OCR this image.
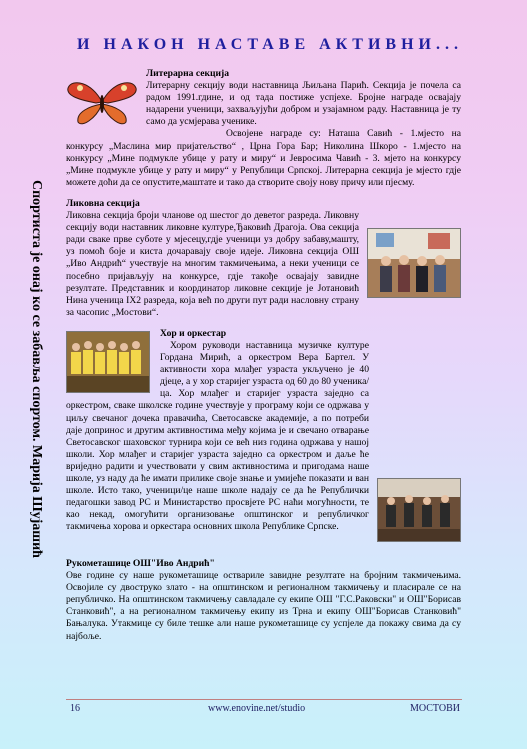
И НАКОН НАСТАВЕ АКТИВНИ...
Спортиста је онај ко се забавља спортом. Марија Шујашић

Литерарна секција

Литерарну секцију води наставница Љиљана Парић. Секција је почела са радом 1991.гдине, и од тада постиже успјехе. Бројне награде освајају надарени ученици, захваљујући добром и узајамном раду. Наставница је ту само да усмјерава ученике.

Освојене награде су: Наташа Савић - 1.мјесто на конкурсу „Маслина мир пријатељство“ , Црна Гора Бар; Николина Шкоро - 1.мјесто на конкурсу „Мине подмукле убице у рату и миру“ и Јевросима Чавић - 3. мјето на конкурсу „Мине подмукле убице у рату и миру“ у Републици Српској. Литерарна секција је мјесто гдје можете доћи да се опустите,маштате и тако да створите своју нову причу или пјесму.

Ликовна секција

Ликовна секција броји чланове од шестог до деветог разреда. Ликовну секцију води наставник ликовне културе,Ђаковић Драгоја. Ова секција ради сваке прве суботе у мјесецу,гдје ученици уз добру забаву,машту, уз помоћ боје и киста дочаравају своје идеје. Ликовна секција ОШ „Иво Андрић“ учествује на многим такмичењима, а неки ученици се посебно пријављују на конкурсе, гдје такође освајају завидне резултате. Представник и координатор ликовне секције је Јотановић Нина ученица IX2 разреда, која већ по други пут ради насловну страну за часопис „Мостови“.

Хор и оркестар

Хором руководи наставница музичке културе Гордана Мирић, а оркестром Вера Бартел. У активности хора млађег узраста укључено је 40 дјеце, а у хор старијег узраста од 60 до 80 ученика/ца. Хор млађег и старијег узраста заједно са оркестром, сваке школске године учествује у програму који се одржава у циљу свечаног дочека правачића, Светосавске академије, а по потреби даје допринос и другим активностима међу којима је и свечано отварање Светосавског шаховског турнира који се већ низ година одржава у нашој школи. Хор млађег и старијег узраста заједно са оркестром и даље ће вриједно радити и учествовати у свим активностима и пригодама наше школе, уз наду да ће имати прилике своје знање и умијеће показати и ван школе. Исто тако, ученици/це наше школе надају се да ће Републички педагошки завод РС и Министарство просвјете РС наћи могућности, те као некад, омогућити организовање општинског и републичког такмичења хорова и оркестара основних школа Републике Српске.

Рукометашице ОШ"Иво Андрић"

Ове године су наше рукометашице оствариле завидне резултате на бројним такмичењима. Освојиле су двоструко злато - на општинском и регионалном такмичењу и пласирале се на републичко. На општинском такмичењу савладале су екипе ОШ "Г.С.Раковски" и ОШ"Борисав Станковић", а на регионалном такмичењу екипу из Трна и екипу ОШ"Борисав Станковић" Бањалука. Утакмице су биле тешке али наше рукометашице су успјеле да покажу свима да су најбоље.

16	www.enovine.net/studio	МОСТОВИ
